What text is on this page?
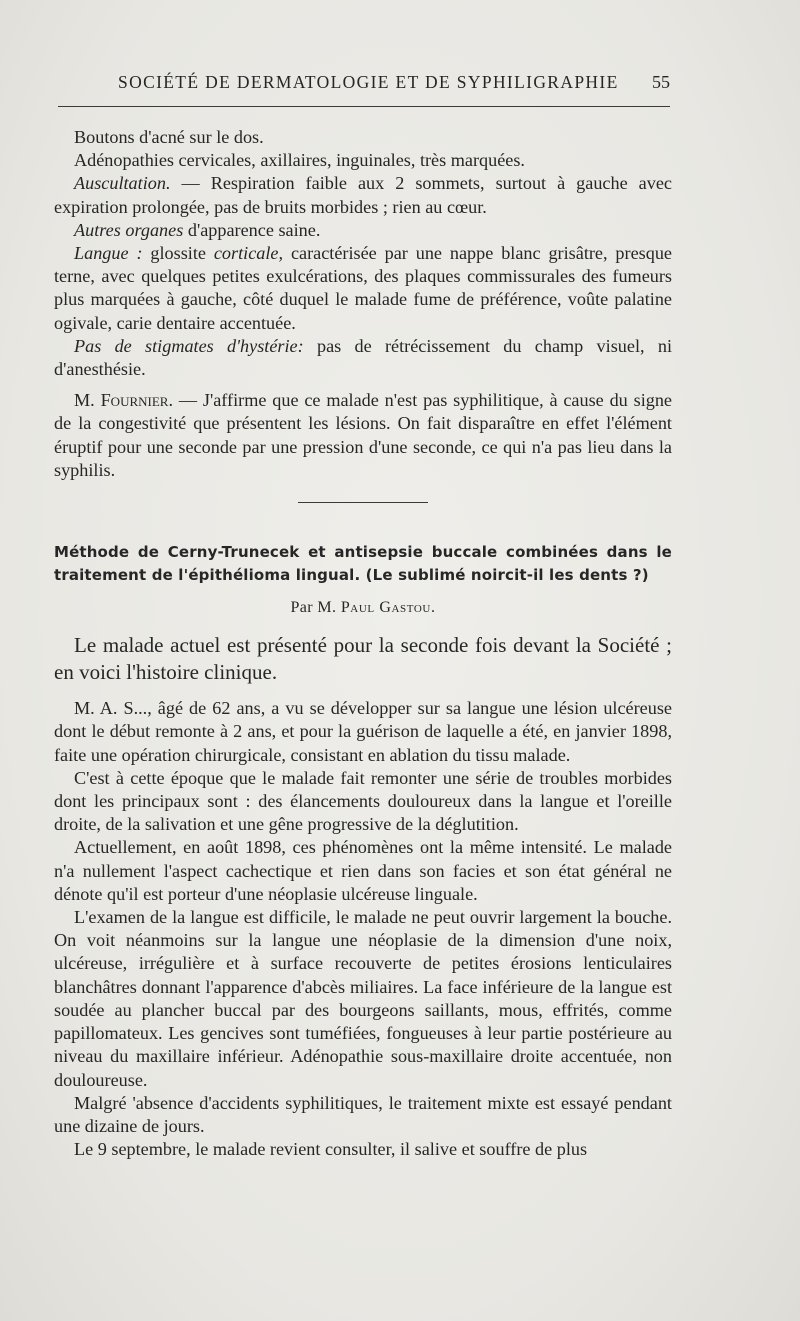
SOCIÉTÉ DE DERMATOLOGIE ET DE SYPHILIGRAPHIE 55

Boutons d'acné sur le dos.

Adénopathies cervicales, axillaires, inguinales, très marquées.

Auscultation. — Respiration faible aux 2 sommets, surtout à gauche avec expiration prolongée, pas de bruits morbides ; rien au cœur.

Autres organes d'apparence saine.

Langue : glossite corticale, caractérisée par une nappe blanc grisâtre, presque terne, avec quelques petites exulcérations, des plaques commissurales des fumeurs plus marquées à gauche, côté duquel le malade fume de préférence, voûte palatine ogivale, carie dentaire accentuée.

Pas de stigmates d'hystérie: pas de rétrécissement du champ visuel, ni d'anesthésie.

M. Fournier. — J'affirme que ce malade n'est pas syphilitique, à cause du signe de la congestivité que présentent les lésions. On fait disparaître en effet l'élément éruptif pour une seconde par une pression d'une seconde, ce qui n'a pas lieu dans la syphilis.

Méthode de Cerny-Trunecek et antisepsie buccale combinées dans le traitement de l'épithélioma lingual. (Le sublimé noircit-il les dents ?)
Par M. Paul Gastou.

Le malade actuel est présenté pour la seconde fois devant la Société ; en voici l'histoire clinique.

M. A. S..., âgé de 62 ans, a vu se développer sur sa langue une lésion ulcéreuse dont le début remonte à 2 ans, et pour la guérison de laquelle a été, en janvier 1898, faite une opération chirurgicale, consistant en ablation du tissu malade.

C'est à cette époque que le malade fait remonter une série de troubles morbides dont les principaux sont : des élancements douloureux dans la langue et l'oreille droite, de la salivation et une gêne progressive de la déglutition.

Actuellement, en août 1898, ces phénomènes ont la même intensité. Le malade n'a nullement l'aspect cachectique et rien dans son facies et son état général ne dénote qu'il est porteur d'une néoplasie ulcéreuse linguale.

L'examen de la langue est difficile, le malade ne peut ouvrir largement la bouche. On voit néanmoins sur la langue une néoplasie de la dimension d'une noix, ulcéreuse, irrégulière et à surface recouverte de petites érosions lenticulaires blanchâtres donnant l'apparence d'abcès miliaires. La face inférieure de la langue est soudée au plancher buccal par des bourgeons saillants, mous, effrités, comme papillomateux. Les gencives sont tuméfiées, fongueuses à leur partie postérieure au niveau du maxillaire inférieur. Adénopathie sous-maxillaire droite accentuée, non douloureuse.

Malgré 'absence d'accidents syphilitiques, le traitement mixte est essayé pendant une dizaine de jours.

Le 9 septembre, le malade revient consulter, il salive et souffre de plus
